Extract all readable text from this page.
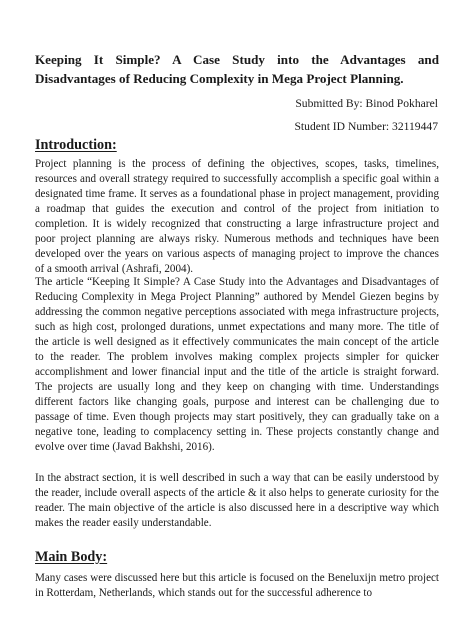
Keeping It Simple? A Case Study into the Advantages and Disadvantages of Reducing Complexity in Mega Project Planning.

Submitted By: Binod Pokharel

Student ID Number: 32119447

Introduction:

Project planning is the process of defining the objectives, scopes, tasks, timelines, resources and overall strategy required to successfully accomplish a specific goal within a designated time frame. It serves as a foundational phase in project management, providing a roadmap that guides the execution and control of the project from initiation to completion. It is widely recognized that constructing a large infrastructure project and poor project planning are always risky. Numerous methods and techniques have been developed over the years on various aspects of managing project to improve the chances of a smooth arrival (Ashrafi, 2004).

The article “Keeping It Simple? A Case Study into the Advantages and Disadvantages of Reducing Complexity in Mega Project Planning” authored by Mendel Giezen begins by addressing the common negative perceptions associated with mega infrastructure projects, such as high cost, prolonged durations, unmet expectations and many more. The title of the article is well designed as it effectively communicates the main concept of the article to the reader. The problem involves making complex projects simpler for quicker accomplishment and lower financial input and the title of the article is straight forward. The projects are usually long and they keep on changing with time. Understandings different factors like changing goals, purpose and interest can be challenging due to passage of time. Even though projects may start positively, they can gradually take on a negative tone, leading to complacency setting in. These projects constantly change and evolve over time (Javad Bakhshi, 2016).

In the abstract section, it is well described in such a way that can be easily understood by the reader, include overall aspects of the article & it also helps to generate curiosity for the reader. The main objective of the article is also discussed here in a descriptive way which makes the reader easily understandable.

Main Body:

Many cases were discussed here but this article is focused on the Beneluxijn metro project in Rotterdam, Netherlands, which stands out for the successful adherence to
